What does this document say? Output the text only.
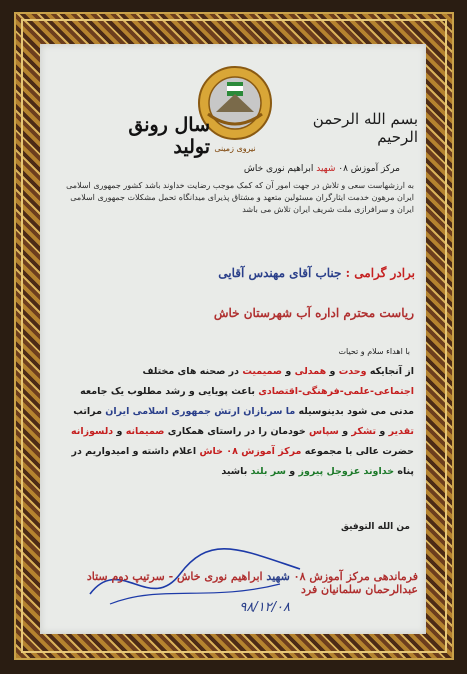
نیروی زمینی
بسم الله الرحمن الرحیم
سال رونق تولید
مرکز آموزش ۰۸ شهید ابراهیم نوری خاش
به ارزشهاست سعی و تلاش در جهت امور آن که کمک موجب رضایت خداوند باشد کشور جمهوری اسلامی ایران مرهون خدمت ایثارگران مسئولین متعهد و مشتاق پذیرای میدانگاه تحمل مشکلات جمهوری اسلامی ایران و سرافرازی ملت شریف ایران تلاش می باشد
برادر گرامی : جناب آقای مهندس آقایی
ریاست محترم اداره آب شهرستان خاش
با اهداء سلام و تحیات
از آنجایکه وحدت و همدلی و صمیمیت در صحنه های مختلف
اجتماعی-علمی-فرهنگی-اقتصادی باعث پویایی و رشد مطلوب یک جامعه
مدنی می شود بدینوسیله ما سربازان ارتش جمهوری اسلامی ایران مراتب
تقدیر و تشکر و سپاس خودمان را در راستای همکاری صمیمانه و دلسوزانه
حضرت عالی با مجموعه مرکز آموزش ۰۸ خاش اعلام داشته و امیدواریم در
پناه خداوند عزوجل پیروز و سر بلند باشید
من الله التوفیق
فرماندهی مرکز آموزش ۰۸ شهید ابراهیم نوری خاش - سرتیپ دوم ستاد عبدالرحمان سلمانیان فرد
۹۸/۱۲/۰۸
